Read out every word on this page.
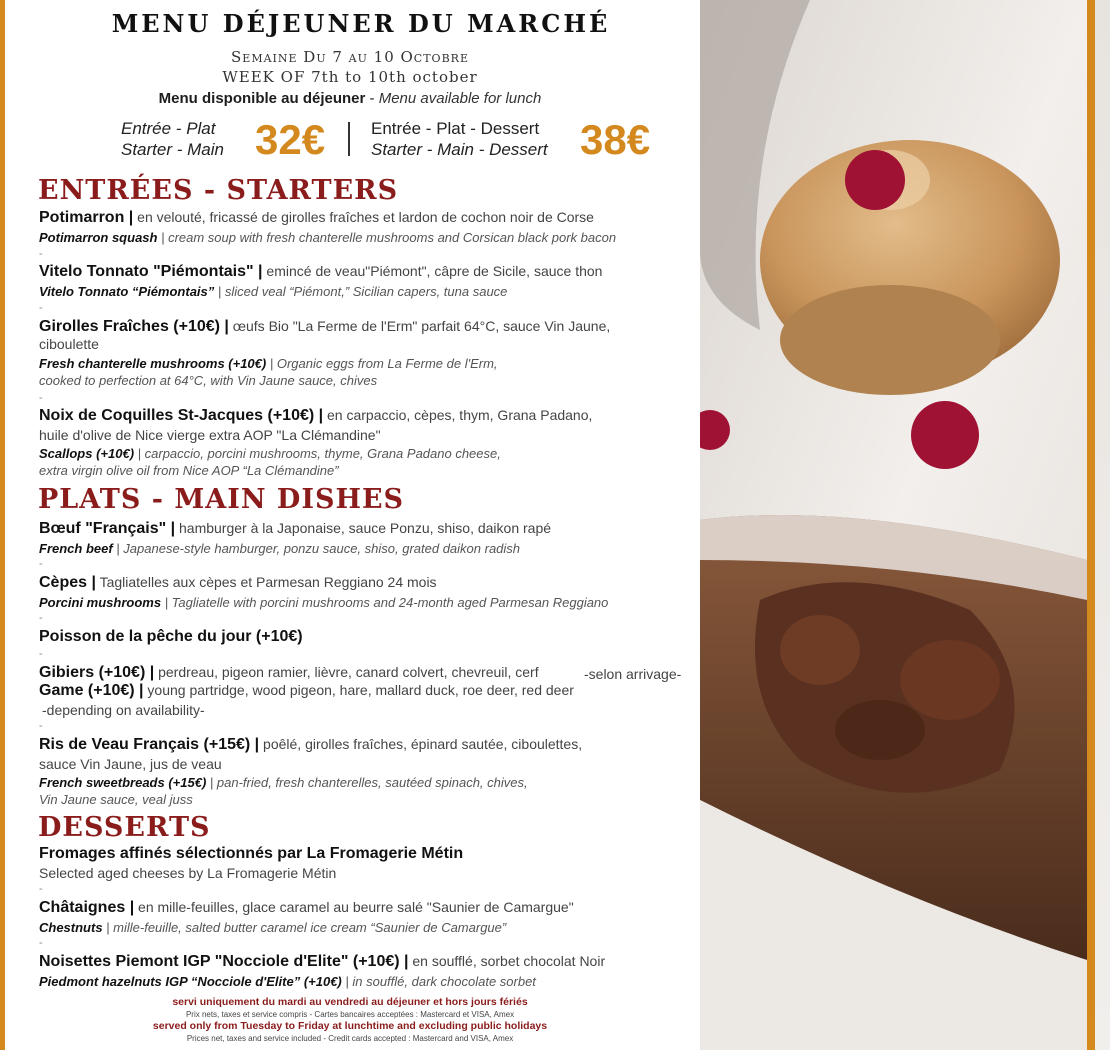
MENU DÉJEUNER DU MARCHÉ
Semaine Du 7 au 10 Octobre
WEEK OF 7th to 10th october
Menu disponible au déjeuner - Menu available for lunch
Entrée - Plat
Starter - Main 32€	Entrée - Plat - Dessert
Starter - Main - Dessert 38€
ENTRÉES - STARTERS
Potimarron | en velouté, fricassé de girolles fraîches et lardon de cochon noir de Corse
Potimarron squash | cream soup with fresh chanterelle mushrooms and Corsican black pork bacon
-
Vitelo Tonnato "Piémontais" | emincé de veau"Piémont", câpre de Sicile, sauce thon
Vitelo Tonnato “Piémontais” | sliced veal “Piémont,” Sicilian capers, tuna sauce
-
Girolles Fraîches (+10€) | œufs Bio "La Ferme de l'Erm" parfait 64°C, sauce Vin Jaune,
ciboulette
Fresh chanterelle mushrooms (+10€) | Organic eggs from La Ferme de l'Erm,
cooked to perfection at 64°C, with Vin Jaune sauce, chives
-
Noix de Coquilles St-Jacques (+10€) | en carpaccio, cèpes, thym, Grana Padano,
huile d'olive de Nice vierge extra AOP "La Clémandine"
Scallops (+10€) | carpaccio, porcini mushrooms, thyme, Grana Padano cheese,
extra virgin olive oil from Nice AOP “La Clémandine”
PLATS - MAIN DISHES
Bœuf "Français" | hamburger à la Japonaise, sauce Ponzu, shiso, daikon rapé
French beef | Japanese-style hamburger, ponzu sauce, shiso, grated daikon radish
-
Cèpes | Tagliatelles aux cèpes et Parmesan Reggiano 24 mois
Porcini mushrooms | Tagliatelle with porcini mushrooms and 24-month aged Parmesan Reggiano
-
Poisson de la pêche du jour (+10€)
-
Gibiers (+10€) | perdreau, pigeon ramier, lièvre, canard colvert, chevreuil, cerf	-selon arrivage-
Game (+10€) | young partridge, wood pigeon, hare, mallard duck, roe deer, red deer
-depending on availability-
-
Ris de Veau Français (+15€) | poêlé, girolles fraîches, épinard sautée, ciboulettes,
sauce Vin Jaune, jus de veau
French sweetbreads (+15€) | pan-fried, fresh chanterelles, sautéed spinach, chives,
Vin Jaune sauce, veal juss
DESSERTS
Fromages affinés sélectionnés par La Fromagerie Métin
Selected aged cheeses by La Fromagerie Métin
-
Châtaignes | en mille-feuilles, glace caramel au beurre salé "Saunier de Camargue"
Chestnuts | mille-feuille, salted butter caramel ice cream “Saunier de Camargue”
-
Noisettes Piemont IGP "Nocciole d'Elite" (+10€) | en soufflé, sorbet chocolat Noir
Piedmont hazelnuts IGP “Nocciole d'Elite” (+10€) | in soufflé, dark chocolate sorbet
servi uniquement du mardi au vendredi au déjeuner et hors jours fériés
Prix nets, taxes et service compris - Cartes bancaires acceptées : Mastercard et VISA, Amex
served only from Tuesday to Friday at lunchtime and excluding public holidays
Prices net, taxes and service included - Credit cards accepted : Mastercard and VISA, Amex
